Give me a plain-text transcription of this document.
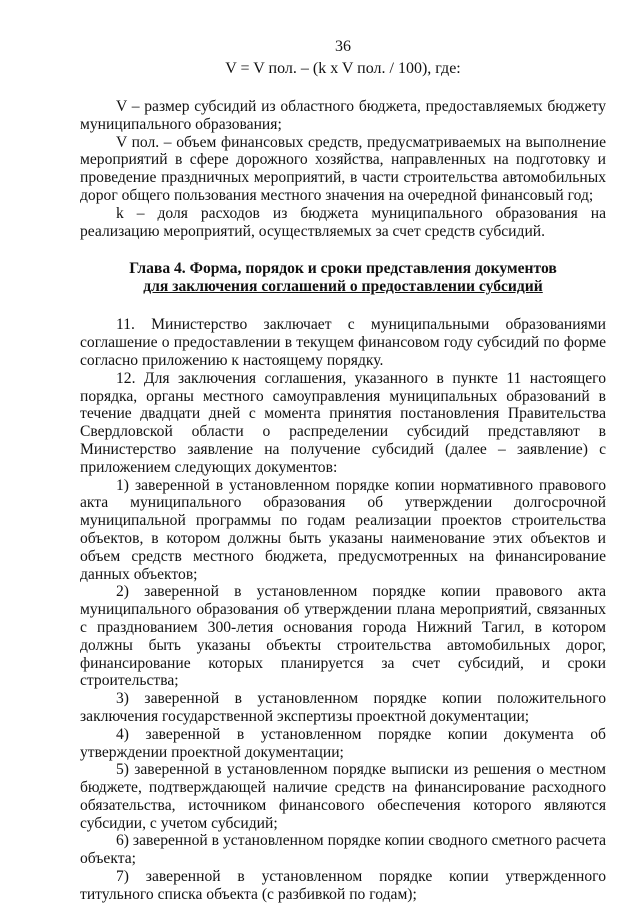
36
V = V пол. – (k x V пол. / 100), где:

V – размер субсидий из областного бюджета, предоставляемых бюджету муниципального образования;

V пол. – объем финансовых средств, предусматриваемых на выполнение мероприятий в сфере дорожного хозяйства, направленных на подготовку и проведение праздничных мероприятий, в части строительства автомобильных дорог общего пользования местного значения на очередной финансовый год;

k – доля расходов из бюджета муниципального образования на реализацию мероприятий, осуществляемых за счет средств субсидий.

Глава 4. Форма, порядок и сроки представления документов
для заключения соглашений о предоставлении субсидий

11. Министерство заключает с муниципальными образованиями соглашение о предоставлении в текущем финансовом году субсидий по форме согласно приложению к настоящему порядку.

12. Для заключения соглашения, указанного в пункте 11 настоящего порядка, органы местного самоуправления муниципальных образований в течение двадцати дней с момента принятия постановления Правительства Свердловской области о распределении субсидий представляют в Министерство заявление на получение субсидий (далее – заявление) с приложением следующих документов:

1) заверенной в установленном порядке копии нормативного правового акта муниципального образования об утверждении долгосрочной муниципальной программы по годам реализации проектов строительства объектов, в котором должны быть указаны наименование этих объектов и объем средств местного бюджета, предусмотренных на финансирование данных объектов;

2) заверенной в установленном порядке копии правового акта муниципального образования об утверждении плана мероприятий, связанных с празднованием 300-летия основания города Нижний Тагил, в котором должны быть указаны объекты строительства автомобильных дорог, финансирование которых планируется за счет субсидий, и сроки строительства;

3) заверенной в установленном порядке копии положительного заключения государственной экспертизы проектной документации;

4) заверенной в установленном порядке копии документа об утверждении проектной документации;

5) заверенной в установленном порядке выписки из решения о местном бюджете, подтверждающей наличие средств на финансирование расходного обязательства, источником финансового обеспечения которого являются субсидии, с учетом субсидий;

6) заверенной в установленном порядке копии сводного сметного расчета объекта;

7) заверенной в установленном порядке копии утвержденного титульного списка объекта (с разбивкой по годам);
